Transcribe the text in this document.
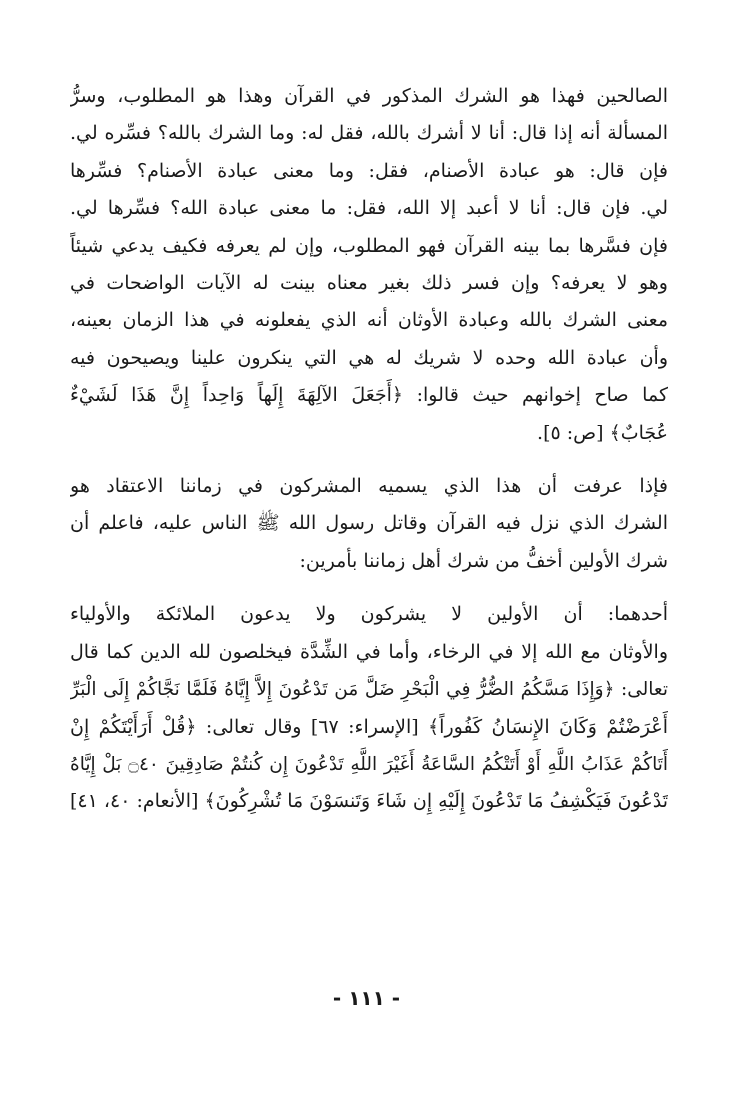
الصالحين فهذا هو الشرك المذكور في القرآن وهذا هو المطلوب، وسرُّ
المسألة أنه إذا قال: أنا لا أشرك بالله، فقل له: وما الشرك بالله؟ فسِّره لي.
فإن قال: هو عبادة الأصنام، فقل: وما معنى عبادة الأصنام؟ فسِّرها
لي. فإن قال: أنا لا أعبد إلا الله، فقل: ما معنى عبادة الله؟ فسِّرها لي.
فإن فسَّرها بما بينه القرآن فهو المطلوب، وإن لم يعرفه فكيف يدعي شيئاً
وهو لا يعرفه؟ وإن فسر ذلك بغير معناه بينت له الآيات الواضحات في
معنى الشرك بالله وعبادة الأوثان أنه الذي يفعلونه في هذا الزمان بعينه،
وأن عبادة الله وحده لا شريك له هي التي ينكرون علينا ويصيحون فيه
كما صاح إخوانهم حيث قالوا: ﴿أَجَعَلَ الآلِهَةَ إِلَهاً وَاحِداً إِنَّ هَذَا لَشَيْءٌ
عُجَابٌ﴾ [ص: ٥].
فإذا عرفت أن هذا الذي يسميه المشركون في زماننا الاعتقاد هو
الشرك الذي نزل فيه القرآن وقاتل رسول الله ﷺ الناس عليه، فاعلم أن
شرك الأولين أخفُّ من شرك أهل زماننا بأمرين:
أحدهما: أن الأولين لا يشركون ولا يدعون الملائكة والأولياء
والأوثان مع الله إلا في الرخاء، وأما في الشِّدَّة فيخلصون لله الدين كما قال
تعالى: ﴿وَإِذَا مَسَّكُمُ الضُّرُّ فِي الْبَحْرِ ضَلَّ مَن تَدْعُونَ إِلاَّ إِيَّاهُ فَلَمَّا نَجَّاكُمْ إِلَى الْبَرِّ
أَعْرَضْتُمْ وَكَانَ الإِنسَانُ كَفُوراً﴾ [الإسراء: ٦٧] وقال تعالى: ﴿قُلْ أَرَأَيْتَكُمْ إِنْ
أَتَاكُمْ عَذَابُ اللَّهِ أَوْ أَتَتْكُمُ السَّاعَةُ أَغَيْرَ اللَّهِ تَدْعُونَ إِن كُنتُمْ صَادِقِينَ ۝٤٠ بَلْ إِيَّاهُ
تَدْعُونَ فَيَكْشِفُ مَا تَدْعُونَ إِلَيْهِ إِن شَاءَ وَتَنسَوْنَ مَا تُشْرِكُونَ﴾ [الأنعام: ٤٠، ٤١]
- ١١١ -
